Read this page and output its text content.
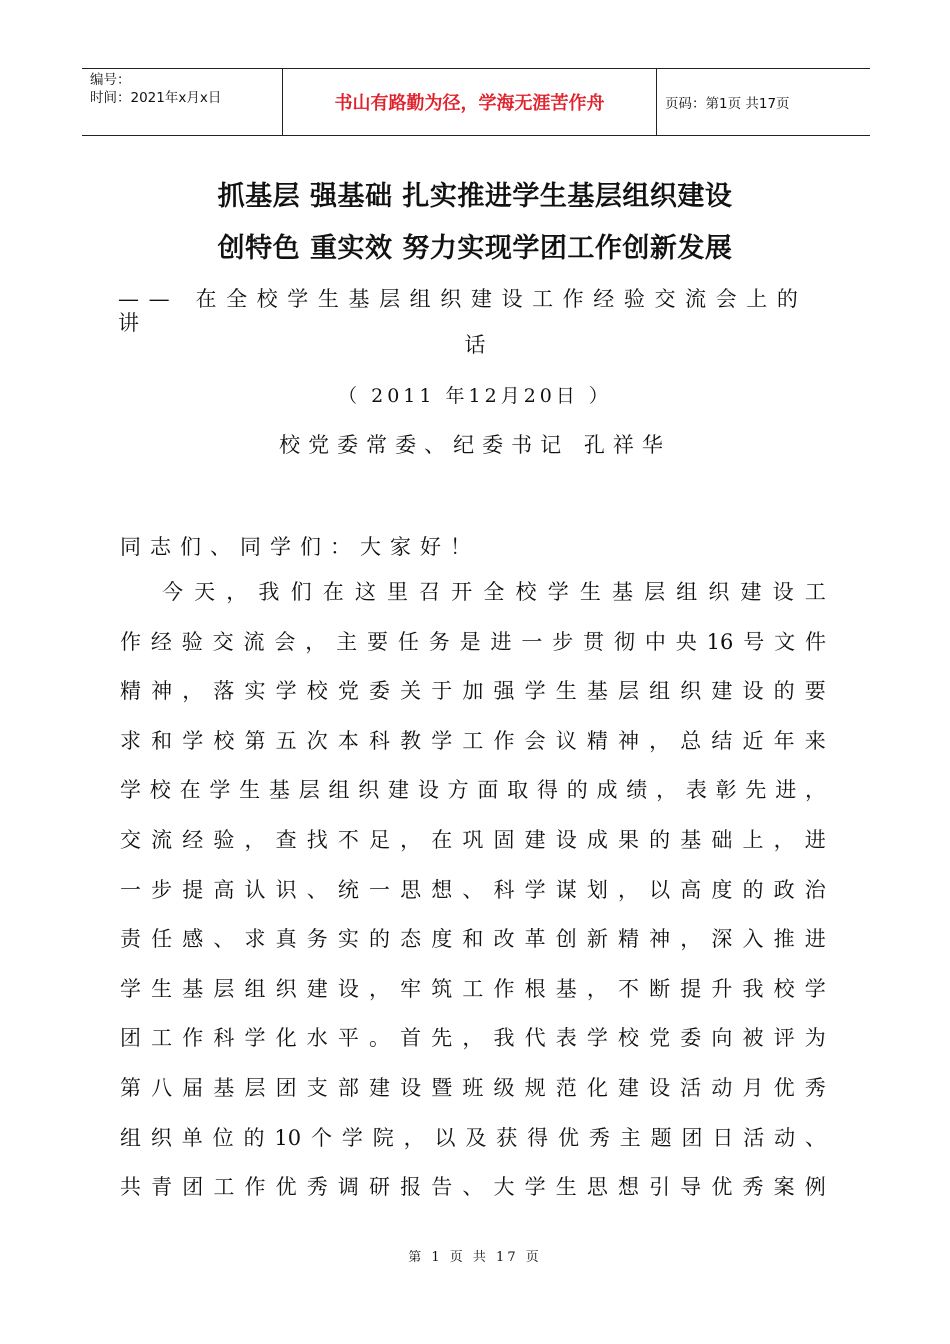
编号：
时间：2021年x月x日	书山有路勤为径，学海无涯苦作舟	页码：第1页 共17页
抓基层 强基础 扎实推进学生基层组织建设
创特色 重实效 努力实现学团工作创新发展
—— 在全校学生基层组织建设工作经验交流会上的讲
话
（ 2011 年12月20日 ）
校党委常委、纪委书记 孔祥华
同志们、同学们：大家好！
今 天 ， 我 们 在 这 里 召 开 全 校 学 生 基 层 组 织 建 设 工
作 经 验 交 流 会 ， 主 要 任 务 是 进 一 步 贯 彻 中 央 16 号 文 件
精 神 ， 落 实 学 校 党 委 关 于 加 强 学 生 基 层 组 织 建 设 的 要
求 和 学 校 第 五 次 本 科 教 学 工 作 会 议 精 神 ， 总 结 近 年 来
学 校 在 学 生 基 层 组 织 建 设 方 面 取 得 的 成 绩 ， 表 彰 先 进 ，
交 流 经 验 ， 查 找 不 足 ， 在 巩 固 建 设 成 果 的 基 础 上 ， 进
一 步 提 高 认 识 、 统 一 思 想 、 科 学 谋 划 ， 以 高 度 的 政 治
责 任 感 、 求 真 务 实 的 态 度 和 改 革 创 新 精 神 ， 深 入 推 进
学 生 基 层 组 织 建 设 ， 牢 筑 工 作 根 基 ， 不 断 提 升 我 校 学
团 工 作 科 学 化 水 平 。 首 先 ， 我 代 表 学 校 党 委 向 被 评 为
第 八 届 基 层 团 支 部 建 设 暨 班 级 规 范 化 建 设 活 动 月 优 秀
组 织 单 位 的 10 个 学 院 ， 以 及 获 得 优 秀 主 题 团 日 活 动 、
共 青 团 工 作 优 秀 调 研 报 告 、 大 学 生 思 想 引 导 优 秀 案 例
第 1 页 共 17 页
